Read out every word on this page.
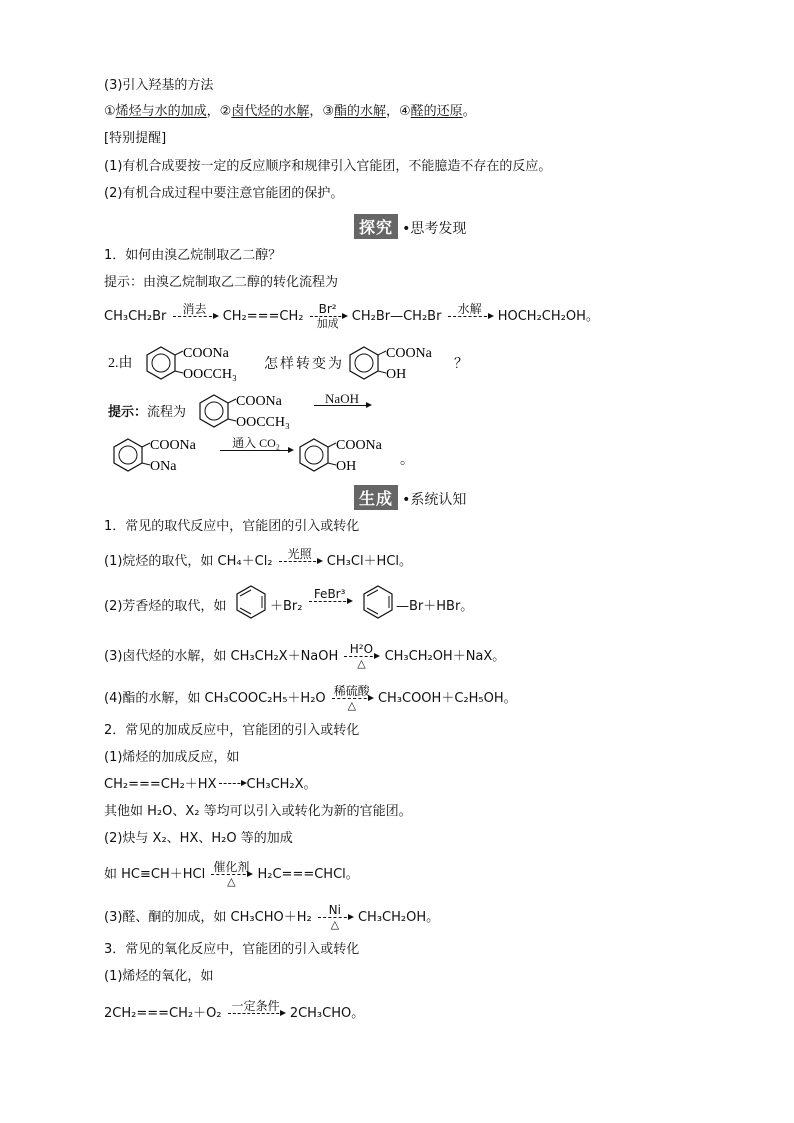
(3)引入羟基的方法
①烯烃与水的加成，②卤代烃的水解，③酯的水解，④醛的还原。
[特别提醒]
(1)有机合成要按一定的反应顺序和规律引入官能团，不能臆造不存在的反应。
(2)有机合成过程中要注意官能团的保护。
探究 •思考发现
1．如何由溴乙烷制取乙二醇？
提示：由溴乙烷制取乙二醇的转化流程为
CH₃CH₂Br	消去	CH₂===CH₂	Br²
加成	CH₂Br—CH₂Br	水解	HOCH₂CH₂OH。
2.由
COONa
OOCCH₃
怎样转变为
COONa
OH
？
提示：流程为
COONa
OOCCH₃
NaOH
COONa
ONa
通入 CO₂	COONa
OH	。
生成 •系统认知
1．常见的取代反应中，官能团的引入或转化
(1)烷烃的取代，如 CH₄＋Cl₂	光照	CH₃Cl＋HCl。
(2)芳香烃的取代，如	＋Br₂
FeBr³
—Br＋HBr。
(3)卤代烃的水解，如 CH₃CH₂X＋NaOH H²O
△	CH₃CH₂OH＋NaX。
(4)酯的水解，如 CH₃COOC₂H₅＋H₂O 稀硫酸
△	CH₃COOH＋C₂H₅OH。
2．常见的加成反应中，官能团的引入或转化
(1)烯烃的加成反应，如
CH₂===CH₂＋HX CH₃CH₂X。
其他如 H₂O、X₂ 等均可以引入或转化为新的官能团。
(2)炔与 X₂、HX、H₂O 等的加成
如 HC≡CH＋HCl 催化剂
△	H₂C===CHCl。
(3)醛、酮的加成，如 CH₃CHO＋H₂	Ni
△	CH₃CH₂OH。
3．常见的氧化反应中，官能团的引入或转化
(1)烯烃的氧化，如
2CH₂===CH₂＋O₂ 一定条件 2CH₃CHO。
